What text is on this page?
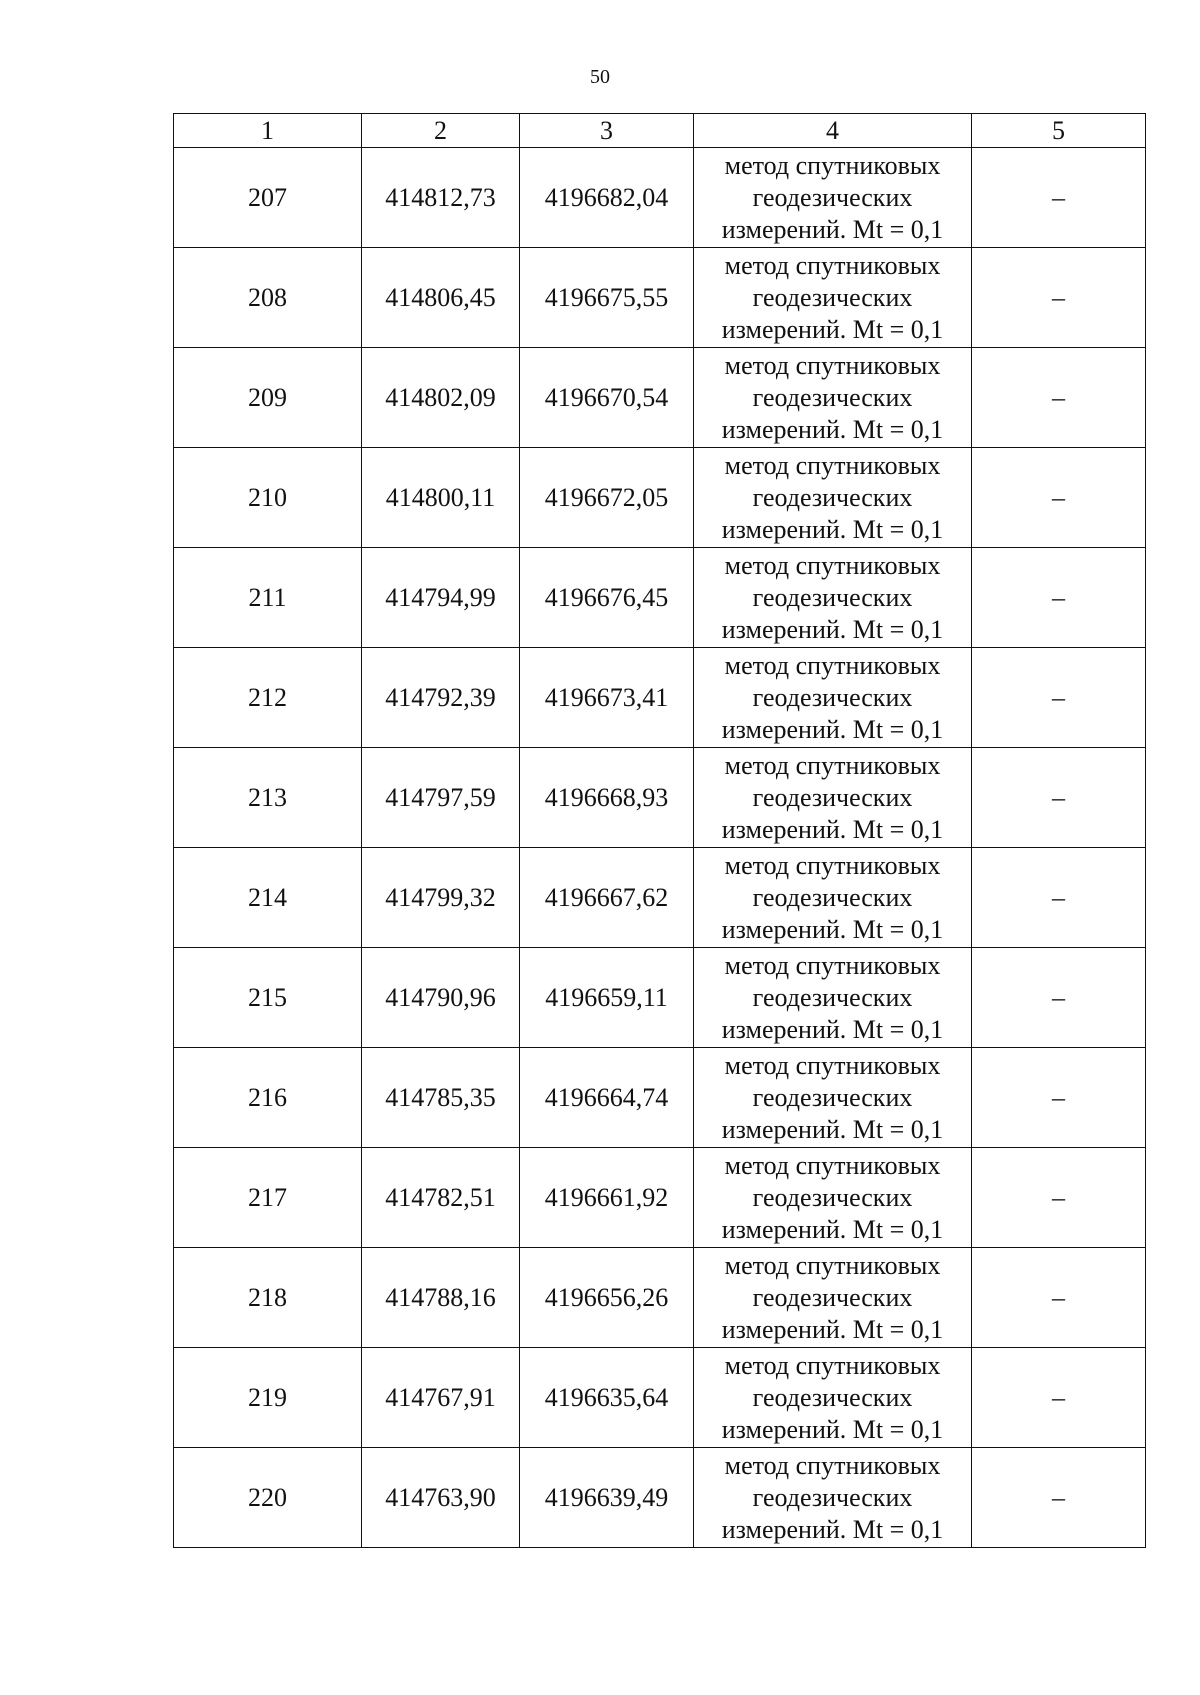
50
1	2	3	4	5
207	414812,73	4196682,04	метод спутниковых
геодезических
измерений. Mt = 0,1	–
208	414806,45	4196675,55	метод спутниковых
геодезических
измерений. Mt = 0,1	–
209	414802,09	4196670,54	метод спутниковых
геодезических
измерений. Mt = 0,1	–
210	414800,11	4196672,05	метод спутниковых
геодезических
измерений. Mt = 0,1	–
211	414794,99	4196676,45	метод спутниковых
геодезических
измерений. Mt = 0,1	–
212	414792,39	4196673,41	метод спутниковых
геодезических
измерений. Mt = 0,1	–
213	414797,59	4196668,93	метод спутниковых
геодезических
измерений. Mt = 0,1	–
214	414799,32	4196667,62	метод спутниковых
геодезических
измерений. Mt = 0,1	–
215	414790,96	4196659,11	метод спутниковых
геодезических
измерений. Mt = 0,1	–
216	414785,35	4196664,74	метод спутниковых
геодезических
измерений. Mt = 0,1	–
217	414782,51	4196661,92	метод спутниковых
геодезических
измерений. Mt = 0,1	–
218	414788,16	4196656,26	метод спутниковых
геодезических
измерений. Mt = 0,1	–
219	414767,91	4196635,64	метод спутниковых
геодезических
измерений. Mt = 0,1	–
220	414763,90	4196639,49	метод спутниковых
геодезических
измерений. Mt = 0,1	–
